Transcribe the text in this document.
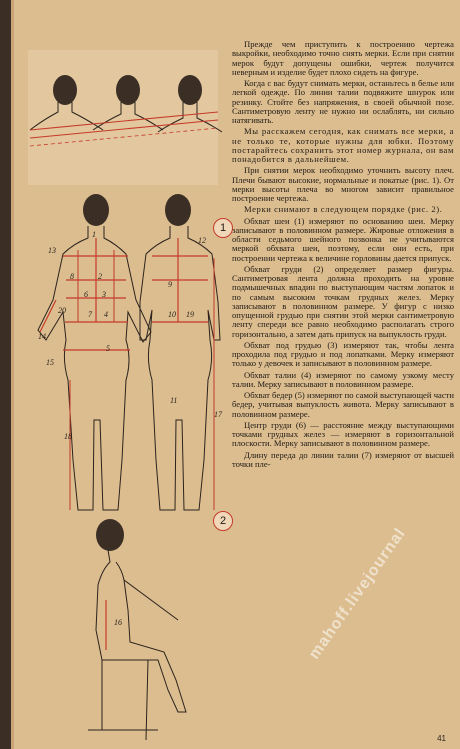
1
2
13
1
8	2
6
14
20	7 4
3
15
5
18
12
9
10 19
11
17
16

Прежде чем приступить к построению чертежа выкройки, необходимо точно снять мерки. Если при снятии мерок будут допущены ошибки, чертеж получится неверным и изделие будет плохо сидеть на фигуре.

Когда с вас будут снимать мерки, останьтесь в белье или легкой одежде. По линии талии подвяжите шнурок или резинку. Стойте без напряжения, в своей обычной позе. Сантиметровую ленту не нужно ни ослаблять, ни сильно натягивать.

Мы расскажем сегодня, как снимать все мерки, а не только те, которые нужны для юбки. Поэтому постарайтесь сохранить этот номер журнала, он вам понадобится в дальнейшем.

При снятии мерок необходимо уточнить высоту плеч. Плечи бывают высокие, нормальные и покатые (рис. 1). От мерки высоты плеча во многом зависит правильное построение чертежа.

Мерки снимают в следующем порядке (рис. 2).

Обхват шеи (1) измеряют по основанию шеи. Мерку записывают в половинном размере. Жировые отложения в области седьмого шейного позвонка не учитываются меркой обхвата шеи, поэтому, если они есть, при построении чертежа к величине горловины дается припуск.

Обхват груди (2) определяет размер фигуры. Сантиметровая лента должна проходить на уровне подмышечных впадин по выступающим частям лопаток и по самым высоким точкам грудных желез. Мерку записывают в половинном размере. У фигур с низко опущенной грудью при снятии этой мерки сантиметровую ленту спереди все равно необходимо располагать строго горизонтально, а затем дать припуск на выпуклость груди.

Обхват под грудью (3) измеряют так, чтобы лента проходила под грудью и под лопатками. Мерку измеряют только у девочек и записывают в половинном размере.

Обхват талии (4) измеряют по самому узкому месту талии. Мерку записывают в половинном размере.

Обхват бедер (5) измеряют по самой выступающей части бедер, учитывая выпуклость живота. Мерку записывают в половинном размере.

Центр груди (6) — расстояние между выступающими точками грудных желез — измеряют в горизонтальной плоскости. Мерку записывают в половинном размере.

Длину переда до линии талии (7) измеряют от высшей точки пле-

mahoff.livejournal
41
